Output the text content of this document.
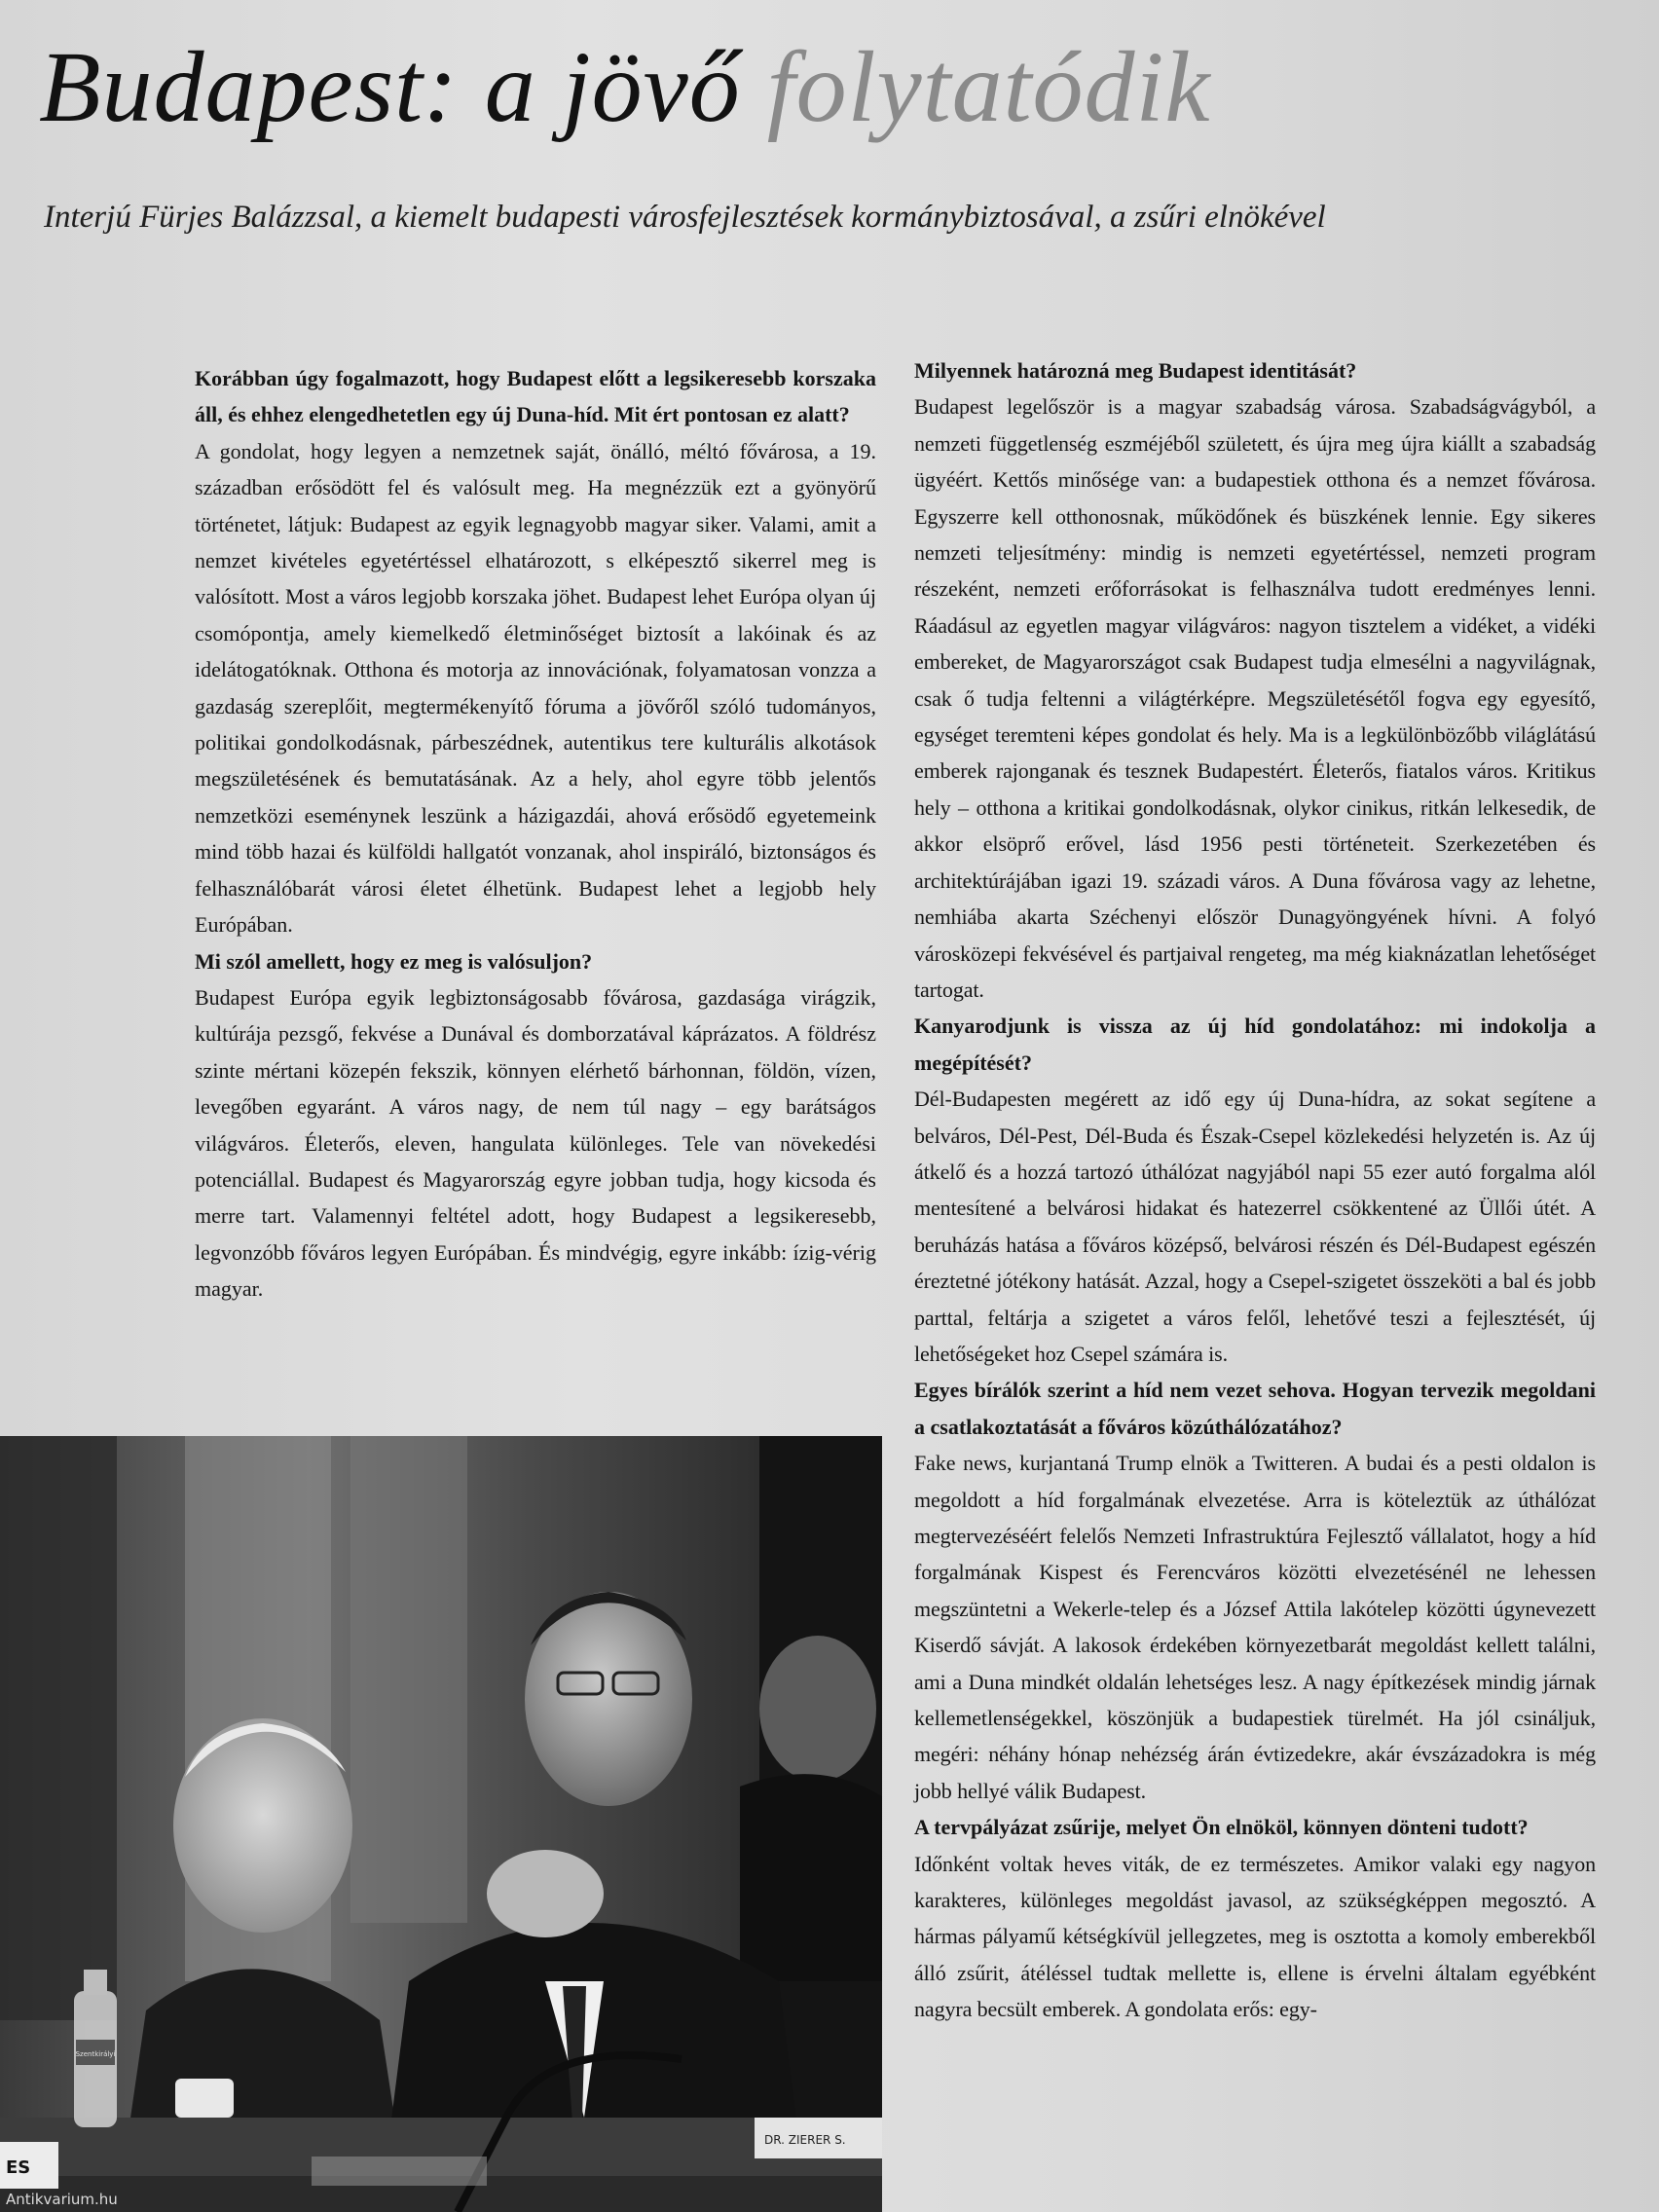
Budapest: a jövő folytatódik
Interjú Fürjes Balázzsal, a kiemelt budapesti városfejlesztések kormánybiztosával, a zsűri elnökével

Korábban úgy fogalmazott, hogy Budapest előtt a legsikeresebb korszaka áll, és ehhez elengedhetetlen egy új Duna-híd. Mit ért pontosan ez alatt?

A gondolat, hogy legyen a nemzetnek saját, önálló, méltó fővárosa, a 19. században erősödött fel és valósult meg. Ha megnézzük ezt a gyönyörű történetet, látjuk: Budapest az egyik legnagyobb magyar siker. Valami, amit a nemzet kivételes egyetértéssel elhatározott, s elképesztő sikerrel meg is valósított. Most a város legjobb korszaka jöhet. Budapest lehet Európa olyan új csomópontja, amely kiemelkedő életminőséget biztosít a lakóinak és az idelátogatóknak. Otthona és motorja az innovációnak, folyamatosan vonzza a gazdaság szereplőit, megtermékenyítő fóruma a jövőről szóló tudományos, politikai gondolkodásnak, párbeszédnek, autentikus tere kulturális alkotások megszületésének és bemutatásának. Az a hely, ahol egyre több jelentős nemzetközi eseménynek leszünk a házigazdái, ahová erősödő egyetemeink mind több hazai és külföldi hallgatót vonzanak, ahol inspiráló, biztonságos és felhasználóbarát városi életet élhetünk. Budapest lehet a legjobb hely Európában.

Mi szól amellett, hogy ez meg is valósuljon?

Budapest Európa egyik legbiztonságosabb fővárosa, gazdasága virágzik, kultúrája pezsgő, fekvése a Dunával és domborzatával káprázatos. A földrész szinte mértani közepén fekszik, könnyen elérhető bárhonnan, földön, vízen, levegőben egyaránt. A város nagy, de nem túl nagy – egy barátságos világváros. Életerős, eleven, hangulata különleges. Tele van növekedési potenciállal. Budapest és Magyarország egyre jobban tudja, hogy kicsoda és merre tart. Valamennyi feltétel adott, hogy Budapest a legsikeresebb, legvonzóbb főváros legyen Európában. És mindvégig, egyre inkább: ízig-vérig magyar.

Milyennek határozná meg Budapest identitását?

Budapest legelőször is a magyar szabadság városa. Szabadságvágyból, a nemzeti függetlenség eszméjéből született, és újra meg újra kiállt a szabadság ügyéért. Kettős minősége van: a budapestiek otthona és a nemzet fővárosa. Egyszerre kell otthonosnak, működőnek és büszkének lennie. Egy sikeres nemzeti teljesítmény: mindig is nemzeti egyetértéssel, nemzeti program részeként, nemzeti erőforrásokat is felhasználva tudott eredményes lenni. Ráadásul az egyetlen magyar világváros: nagyon tisztelem a vidéket, a vidéki embereket, de Magyarországot csak Budapest tudja elmesélni a nagyvilágnak, csak ő tudja feltenni a világtérképre. Megszületésétől fogva egy egyesítő, egységet teremteni képes gondolat és hely. Ma is a legkülönbözőbb világlátású emberek rajonganak és tesznek Budapestért. Életerős, fiatalos város. Kritikus hely – otthona a kritikai gondolkodásnak, olykor cinikus, ritkán lelkesedik, de akkor elsöprő erővel, lásd 1956 pesti történeteit. Szerkezetében és architektúrájában igazi 19. századi város. A Duna fővárosa vagy az lehetne, nemhiába akarta Széchenyi először Dunagyöngyének hívni. A folyó városközepi fekvésével és partjaival rengeteg, ma még kiaknázatlan lehetőséget tartogat.

Kanyarodjunk is vissza az új híd gondolatához: mi indokolja a megépítését?

Dél-Budapesten megérett az idő egy új Duna-hídra, az sokat segítene a belváros, Dél-Pest, Dél-Buda és Észak-Csepel közlekedési helyzetén is. Az új átkelő és a hozzá tartozó úthálózat nagyjából napi 55 ezer autó forgalma alól mentesítené a belvárosi hidakat és hatezerrel csökkentené az Üllői útét. A beruházás hatása a főváros középső, belvárosi részén és Dél-Budapest egészén éreztetné jótékony hatását. Azzal, hogy a Csepel-szigetet összeköti a bal és jobb parttal, feltárja a szigetet a város felől, lehetővé teszi a fejlesztését, új lehetőségeket hoz Csepel számára is.

Egyes bírálók szerint a híd nem vezet sehova. Hogyan tervezik megoldani a csatlakoztatását a főváros közúthálózatához?

Fake news, kurjantaná Trump elnök a Twitteren. A budai és a pesti oldalon is megoldott a híd forgalmának elvezetése. Arra is köteleztük az úthálózat megtervezéséért felelős Nemzeti Infrastruktúra Fejlesztő vállalatot, hogy a híd forgalmának Kispest és Ferencváros közötti elvezetésénél ne lehessen megszüntetni a Wekerle-telep és a József Attila lakótelep közötti úgynevezett Kiserdő sávját. A lakosok érdekében környezetbarát megoldást kellett találni, ami a Duna mindkét oldalán lehetséges lesz. A nagy építkezések mindig járnak kellemetlenségekkel, köszönjük a budapestiek türelmét. Ha jól csináljuk, megéri: néhány hónap nehézség árán évtizedekre, akár évszázadokra is még jobb hellyé válik Budapest.

A tervpályázat zsűrije, melyet Ön elnököl, könnyen dönteni tudott?

Időnként voltak heves viták, de ez természetes. Amikor valaki egy nagyon karakteres, különleges megoldást javasol, az szükségképpen megosztó. A hármas pályamű kétségkívül jellegzetes, meg is osztotta a komoly emberekből álló zsűrit, átéléssel tudtak mellette is, ellene is érvelni általam egyébként nagyra becsült emberek. A gondolata erős: egy-

Szentkirályi
ES
DR. ZIERER S.
Antikvarium.hu
